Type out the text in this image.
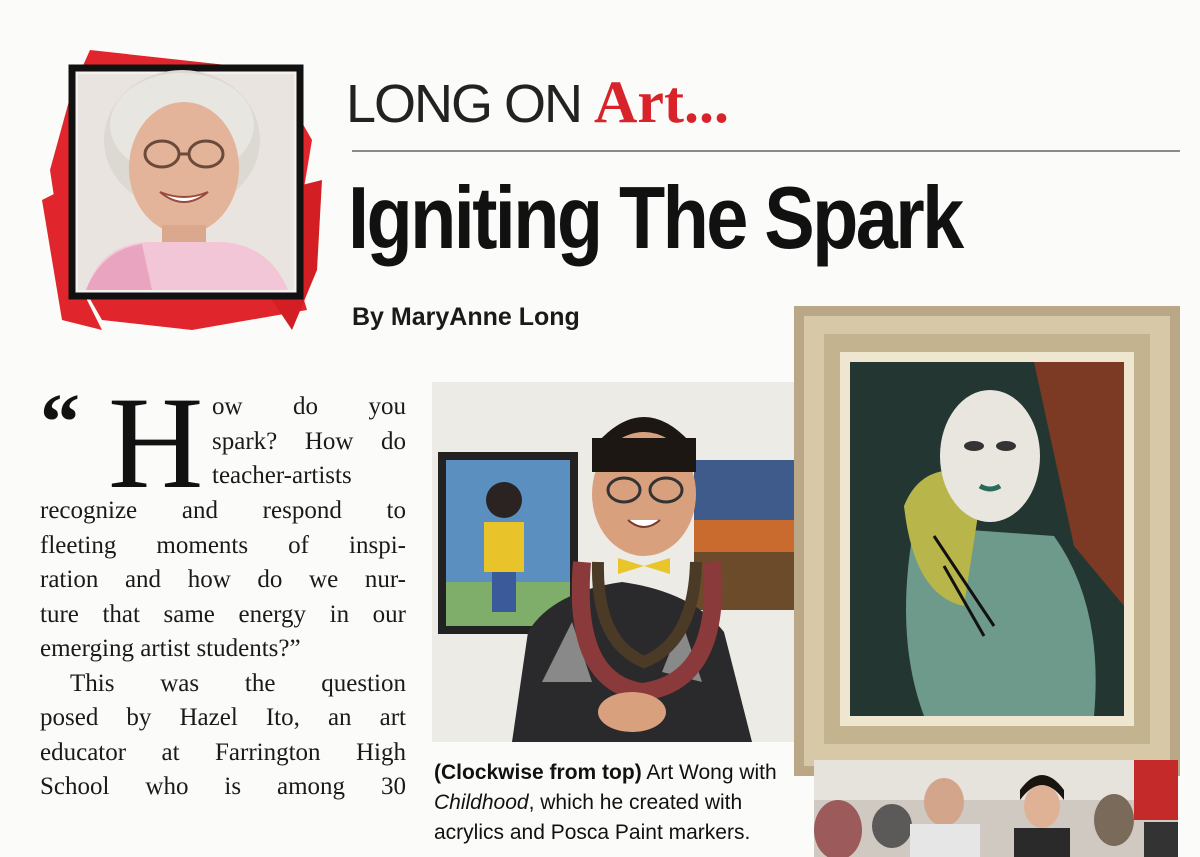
LONG ON Art...
Igniting The Spark
By MaryAnne Long
“ H ow do you
spark? How do
teacher-artists
recognize and respond to
fleeting moments of inspi-
ration and how do we nur-
ture that same energy in our
emerging artist students?”
This was the question
posed by Hazel Ito, an art
educator at Farrington High
School who is among 30
(Clockwise from top) Art Wong with Childhood, which he created with acrylics and Posca Paint markers.
